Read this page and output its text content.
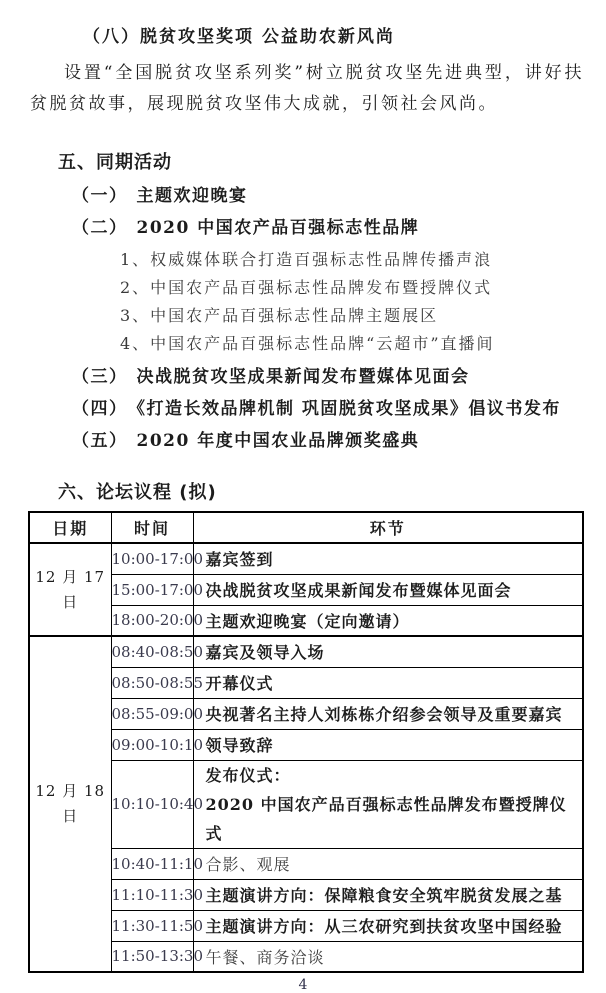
（八）脱贫攻坚奖项 公益助农新风尚

设置“全国脱贫攻坚系列奖”树立脱贫攻坚先进典型，讲好扶贫脱贫故事，展现脱贫攻坚伟大成就，引领社会风尚。

五、同期活动
（一） 主题欢迎晚宴
（二） 2020 中国农产品百强标志性品牌
1、权威媒体联合打造百强标志性品牌传播声浪
2、中国农产品百强标志性品牌发布暨授牌仪式
3、中国农产品百强标志性品牌主题展区
4、中国农产品百强标志性品牌“云超市”直播间
（三） 决战脱贫攻坚成果新闻发布暨媒体见面会
（四） 《打造长效品牌机制 巩固脱贫攻坚成果》倡议书发布
（五） 2020 年度中国农业品牌颁奖盛典
六、论坛议程 (拟)
日期	时间	环节

12 月 17
日	10:00-17:00	嘉宾签到
	15:00-17:00	决战脱贫攻坚成果新闻发布暨媒体见面会
	18:00-20:00	主题欢迎晚宴（定向邀请）

12 月 18
日	08:40-08:50	嘉宾及领导入场
	08:50-08:55	开幕仪式
	08:55-09:00	央视著名主持人刘栋栋介绍参会领导及重要嘉宾
	09:00-10:10	领导致辞
	10:10-10:40	发布仪式：
2020 中国农产品百强标志性品牌发布暨授牌仪式

	10:40-11:10	合影、观展
	11:10-11:30	主题演讲方向：保障粮食安全筑牢脱贫发展之基
	11:30-11:50	主题演讲方向：从三农研究到扶贫攻坚中国经验
	11:50-13:30	午餐、商务洽谈
4
